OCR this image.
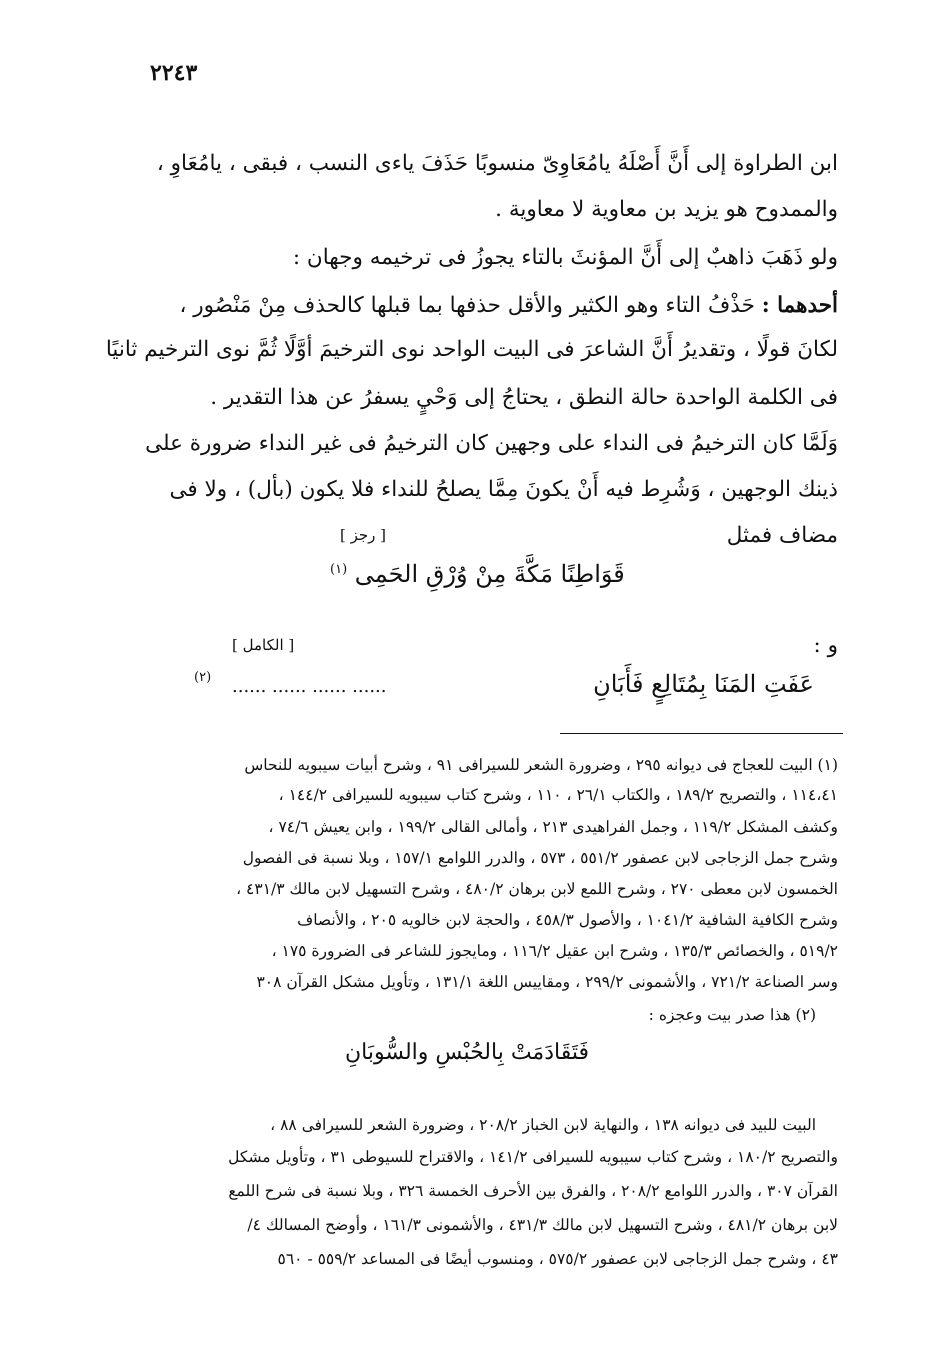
٢٢٤٣
ابن الطراوة إلى أَنَّ أَصْلَهُ يامُعَاوِىّ منسوبًا حَذَفَ ياءى النسب ، فبقى ، يامُعَاوِ ،
والممدوح هو يزيد بن معاوية لا معاوية .
ولو ذَهَبَ ذاهبٌ إلى أَنَّ المؤنثَ بالتاء يجوزُ فى ترخيمه وجهان :
أحدهما : حَذْفُ التاء وهو الكثير والأقل حذفها بما قبلها كالحذف مِنْ مَنْصُور ،
لكانَ قولًا ، وتقديرُ أَنَّ الشاعرَ فى البيت الواحد نوى الترخيمَ أوَّلًا ثُمَّ نوى الترخيم ثانيًا
فى الكلمة الواحدة حالة النطق ، يحتاجُ إلى وَحْيٍ يسفرُ عن هذا التقدير .
وَلَمَّا كان الترخيمُ فى النداء على وجهين كان الترخيمُ فى غير النداء ضرورة على
ذينك الوجهين ، وَشُرِط فيه أَنْ يكونَ مِمَّا يصلحُ للنداء فلا يكون (بأل) ، ولا فى
مضاف فمثل
[ رجز ]
قَوَاطِنًا مَكَّةَ مِنْ وُرْقِ الحَمِى $^{(١)}$
و :
[ الكامل ]
عَفَتِ المَنَا بِمُتَالِعٍ فَأَبَانِ
...... ...... ...... ......
(٢)
(١) البيت للعجاج فى ديوانه ٢٩٥ ، وضرورة الشعر للسيرافى ٩١ ، وشرح أبيات سيبويه للنحاس
١١٤،٤١ ، والتصريح ١٨٩/٢ ، والكتاب ٢٦/١ ، ١١٠ ، وشرح كتاب سيبويه للسيرافى ١٤٤/٢ ،
وكشف المشكل ١١٩/٢ ، وجمل الفراهيدى ٢١٣ ، وأمالى القالى ١٩٩/٢ ، وابن يعيش ٧٤/٦ ،
وشرح جمل الزجاجى لابن عصفور ٥٥١/٢ ، ٥٧٣ ، والدرر اللوامع ١٥٧/١ ، وبلا نسبة فى الفصول
الخمسون لابن معطى ٢٧٠ ، وشرح اللمع لابن برهان ٤٨٠/٢ ، وشرح التسهيل لابن مالك ٤٣١/٣ ،
وشرح الكافية الشافية ١٠٤١/٢ ، والأصول ٤٥٨/٣ ، والحجة لابن خالويه ٢٠٥ ، والأنصاف
٥١٩/٢ ، والخصائص ١٣٥/٣ ، وشرح ابن عقيل ١١٦/٢ ، ومايجوز للشاعر فى الضرورة ١٧٥ ،
وسر الصناعة ٧٢١/٢ ، والأشمونى ٢٩٩/٢ ، ومقاييس اللغة ١٣١/١ ، وتأويل مشكل القرآن ٣٠٨
(٢) هذا صدر بيت وعجزه :
فَتَقَادَمَتْ بِالحُبْسِ والسُّوبَانِ
البيت للبيد فى ديوانه ١٣٨ ، والنهاية لابن الخباز ٢٠٨/٢ ، وضرورة الشعر للسيرافى ٨٨ ،
والتصريح ١٨٠/٢ ، وشرح كتاب سيبويه للسيرافى ١٤١/٢ ، والاقتراح للسيوطى ٣١ ، وتأويل مشكل
القرآن ٣٠٧ ، والدرر اللوامع ٢٠٨/٢ ، والفرق بين الأحرف الخمسة ٣٢٦ ، وبلا نسبة فى شرح اللمع
لابن برهان ٤٨١/٢ ، وشرح التسهيل لابن مالك ٤٣١/٣ ، والأشمونى ١٦١/٣ ، وأوضح المسالك ٤/
٤٣ ، وشرح جمل الزجاجى لابن عصفور ٥٧٥/٢ ، ومنسوب أيضًا فى المساعد ٥٥٩/٢ - ٥٦٠
